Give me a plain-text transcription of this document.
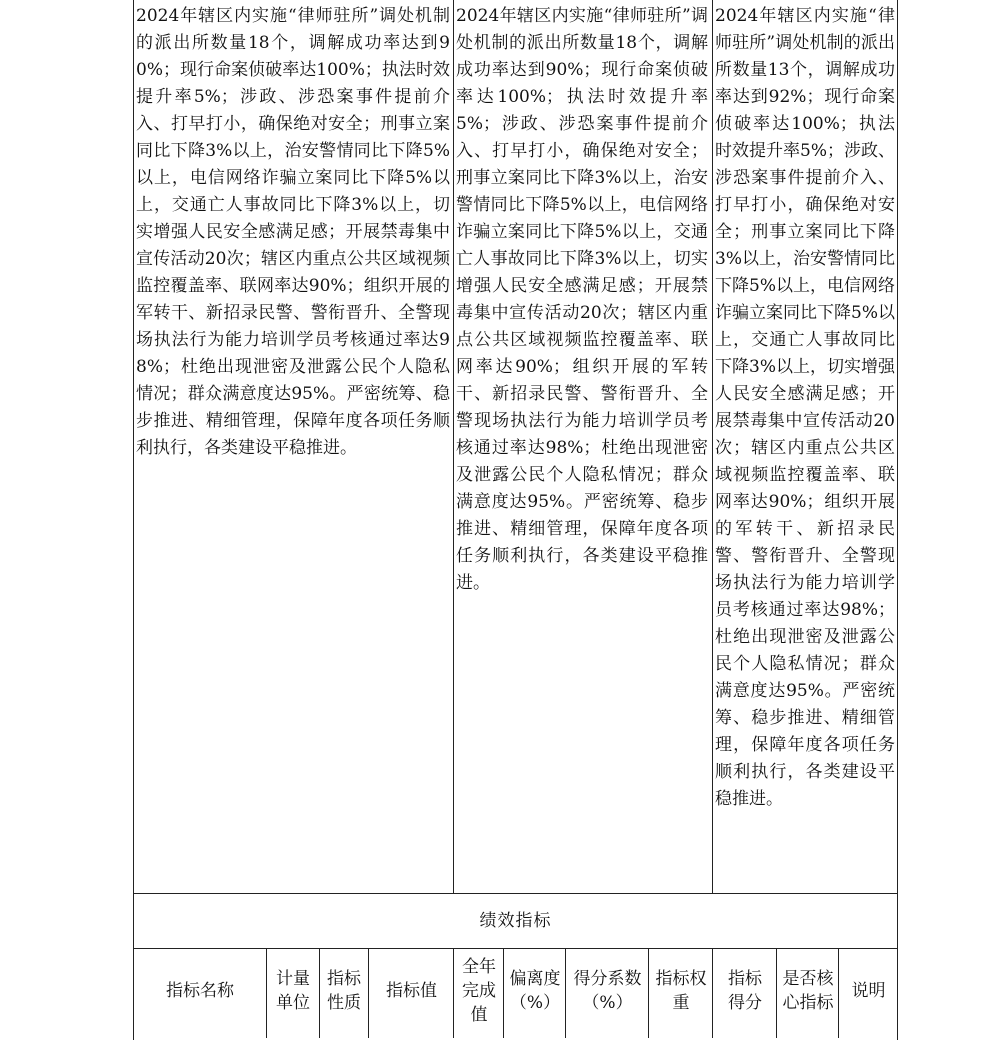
2024年辖区内实施“律师驻所”调处机制的派出所数量18个，调解成功率达到90%；现行命案侦破率达100%；执法时效提升率5%；涉政、涉恐案事件提前介入、打早打小，确保绝对安全；刑事立案同比下降3%以上，治安警情同比下降5%以上，电信网络诈骗立案同比下降5%以上，交通亡人事故同比下降3%以上，切实增强人民安全感满足感；开展禁毒集中宣传活动20次；辖区内重点公共区域视频监控覆盖率、联网率达90%；组织开展的军转干、新招录民警、警衔晋升、全警现场执法行为能力培训学员考核通过率达98%；杜绝出现泄密及泄露公民个人隐私情况；群众满意度达95%。严密统筹、稳步推进、精细管理，保障年度各项任务顺利执行，各类建设平稳推进。
2024年辖区内实施“律师驻所”调处机制的派出所数量18个，调解成功率达到90%；现行命案侦破率达100%；执法时效提升率5%；涉政、涉恐案事件提前介入、打早打小，确保绝对安全；刑事立案同比下降3%以上，治安警情同比下降5%以上，电信网络诈骗立案同比下降5%以上，交通亡人事故同比下降3%以上，切实增强人民安全感满足感；开展禁毒集中宣传活动20次；辖区内重点公共区域视频监控覆盖率、联网率达90%；组织开展的军转干、新招录民警、警衔晋升、全警现场执法行为能力培训学员考核通过率达98%；杜绝出现泄密及泄露公民个人隐私情况；群众满意度达95%。严密统筹、稳步推进、精细管理，保障年度各项任务顺利执行，各类建设平稳推进。
2024年辖区内实施“律师驻所”调处机制的派出所数量13个，调解成功率达到92%；现行命案侦破率达100%；执法时效提升率5%；涉政、涉恐案事件提前介入、打早打小，确保绝对安全；刑事立案同比下降3%以上，治安警情同比下降5%以上，电信网络诈骗立案同比下降5%以上，交通亡人事故同比下降3%以上，切实增强人民安全感满足感；开展禁毒集中宣传活动20次；辖区内重点公共区域视频监控覆盖率、联网率达90%；组织开展的军转干、新招录民警、警衔晋升、全警现场执法行为能力培训学员考核通过率达98%；杜绝出现泄密及泄露公民个人隐私情况；群众满意度达95%。严密统筹、稳步推进、精细管理，保障年度各项任务顺利执行，各类建设平稳推进。
绩效指标
指标名称
计量单位
指标性质
指标值
全年完成值
偏离度（%）
得分系数（%）
指标权重
指标得分
是否核心指标
说明
